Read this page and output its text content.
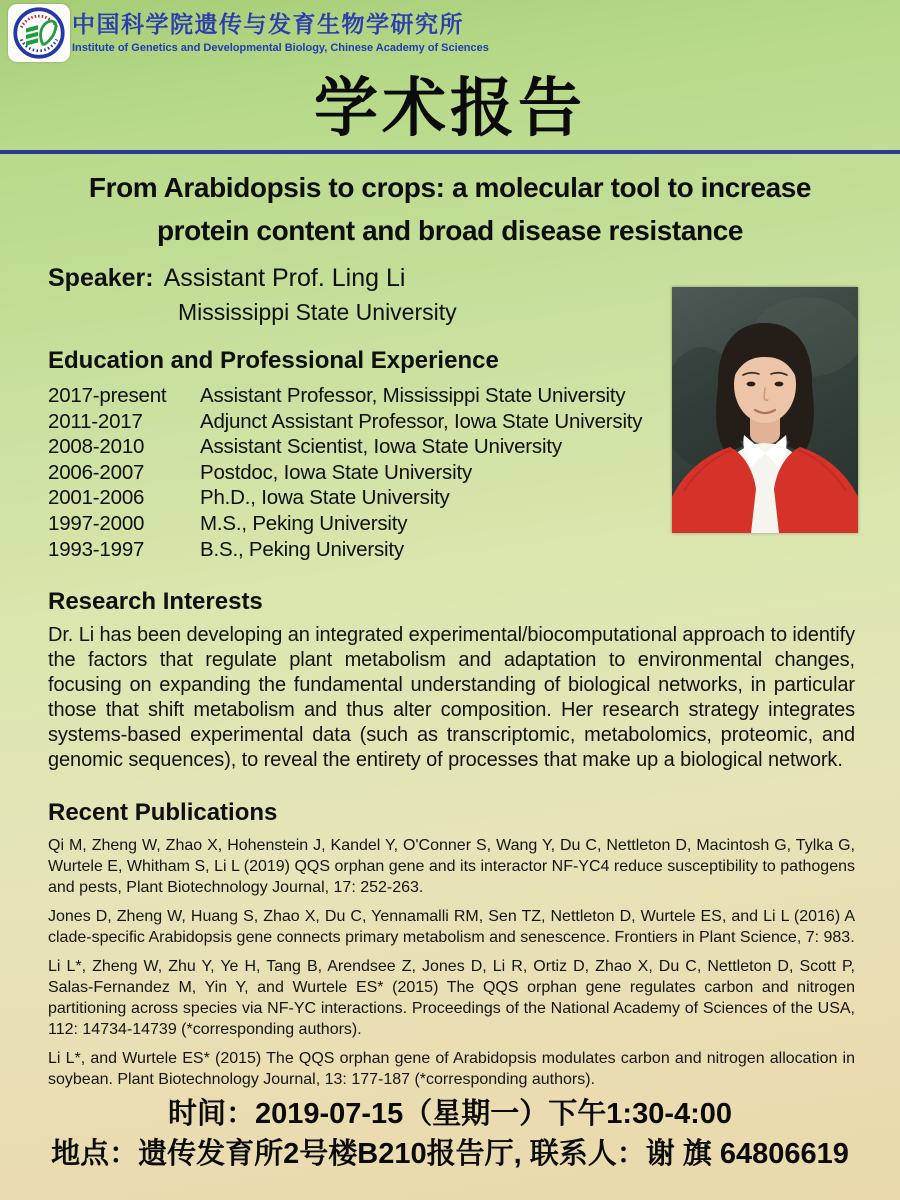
中国科学院遗传与发育生物学研究所
Institute of Genetics and Developmental Biology, Chinese Academy of Sciences
学术报告
From Arabidopsis to crops: a molecular tool to increase
protein content and broad disease resistance
Speaker: Assistant Prof. Ling Li
Mississippi State University
Education and Professional Experience
2017-present	Assistant Professor, Mississippi State University
2011-2017	Adjunct Assistant Professor, Iowa State University
2008-2010	Assistant Scientist, Iowa State University
2006-2007	Postdoc, Iowa State University
2001-2006	Ph.D., Iowa State University
1997-2000	M.S., Peking University
1993-1997	B.S., Peking University
Research Interests
Dr. Li has been developing an integrated experimental/biocomputational approach to identify the factors that regulate plant metabolism and adaptation to environmental changes, focusing on expanding the fundamental understanding of biological networks, in particular those that shift metabolism and thus alter composition. Her research strategy integrates systems-based experimental data (such as transcriptomic, metabolomics, proteomic, and genomic sequences), to reveal the entirety of processes that make up a biological network.
Recent Publications

Qi M, Zheng W, Zhao X, Hohenstein J, Kandel Y, O'Conner S, Wang Y, Du C, Nettleton D, Macintosh G, Tylka G, Wurtele E, Whitham S, Li L (2019) QQS orphan gene and its interactor NF-YC4 reduce susceptibility to pathogens and pests, Plant Biotechnology Journal, 17: 252-263.

Jones D, Zheng W, Huang S, Zhao X, Du C, Yennamalli RM, Sen TZ, Nettleton D, Wurtele ES, and Li L (2016) A clade-specific Arabidopsis gene connects primary metabolism and senescence. Frontiers in Plant Science, 7: 983.

Li L*, Zheng W, Zhu Y, Ye H, Tang B, Arendsee Z, Jones D, Li R, Ortiz D, Zhao X, Du C, Nettleton D, Scott P, Salas-Fernandez M, Yin Y, and Wurtele ES* (2015) The QQS orphan gene regulates carbon and nitrogen partitioning across species via NF-YC interactions. Proceedings of the National Academy of Sciences of the USA, 112: 14734-14739 (*corresponding authors).

Li L*, and Wurtele ES* (2015) The QQS orphan gene of Arabidopsis modulates carbon and nitrogen allocation in soybean. Plant Biotechnology Journal, 13: 177-187 (*corresponding authors).

时间：2019-07-15（星期一）下午1:30-4:00
地点：遗传发育所2号楼B210报告厅, 联系人：谢 旗 64806619
